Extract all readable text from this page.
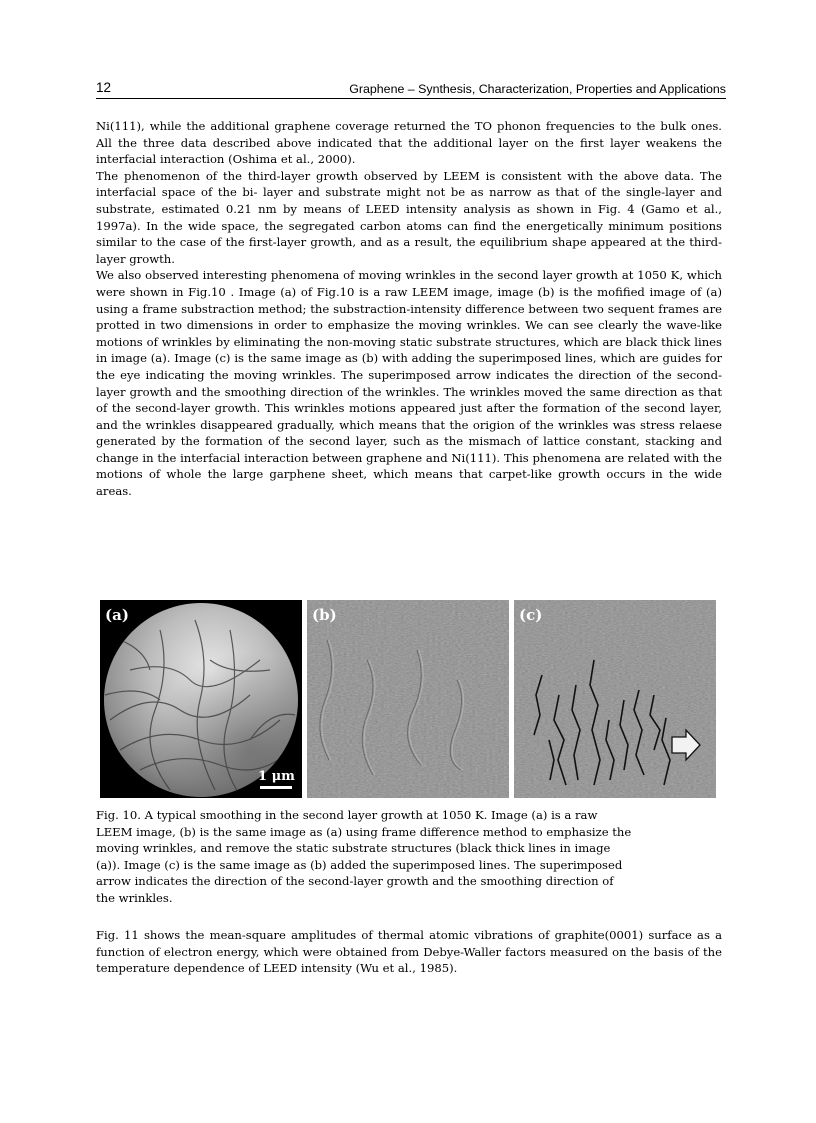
12	Graphene – Synthesis, Characterization, Properties and Applications

Ni(111), while the additional graphene coverage returned the TO phonon frequencies to the bulk ones. All the three data described above indicated that the additional layer on the first layer weakens the interfacial interaction (Oshima et al., 2000).

The phenomenon of the third-layer growth observed by LEEM is consistent with the above data. The interfacial space of the bi- layer and substrate might not be as narrow as that of the single-layer and substrate, estimated 0.21 nm by means of LEED intensity analysis as shown in Fig. 4 (Gamo et al., 1997a). In the wide space, the segregated carbon atoms can find the energetically minimum positions similar to the case of the first-layer growth, and as a result, the equilibrium shape appeared at the third-layer growth.

We also observed interesting phenomena of moving wrinkles in the second layer growth at 1050 K, which were shown in Fig.10 . Image (a) of Fig.10 is a raw LEEM image, image (b) is the mofified image of (a) using a frame substraction method; the substraction-intensity difference between two sequent frames are protted in two dimensions in order to emphasize the moving wrinkles. We can see clearly the wave-like motions of wrinkles by eliminating the non-moving static substrate structures, which are black thick lines in image (a). Image (c) is the same image as (b) with adding the superimposed lines, which are guides for the eye indicating the moving wrinkles. The superimposed arrow indicates the direction of the second-layer growth and the smoothing direction of the wrinkles. The wrinkles moved the same direction as that of the second-layer growth. This wrinkles motions appeared just after the formation of the second layer, and the wrinkles disappeared gradually, which means that the origion of the wrinkles was stress relaese generated by the formation of the second layer, such as the mismach of lattice constant, stacking and change in the interfacial interaction between graphene and Ni(111). This phenomena are related with the motions of whole the large garphene sheet, which means that carpet-like growth occurs in the wide areas.

(a)
1 μm
(b)	(c)

Fig. 10. A typical smoothing in the second layer growth at 1050 K. Image (a) is a raw

LEEM image, (b) is the same image as (a) using frame difference method to emphasize the

moving wrinkles, and remove the static substrate structures (black thick lines in image

(a)). Image (c) is the same image as (b) added the superimposed lines. The superimposed

arrow indicates the direction of the second-layer growth and the smoothing direction of

the wrinkles.

Fig. 11 shows the mean-square amplitudes of thermal atomic vibrations of graphite(0001) surface as a function of electron energy, which were obtained from Debye-Waller factors measured on the basis of the temperature dependence of LEED intensity (Wu et al., 1985).
